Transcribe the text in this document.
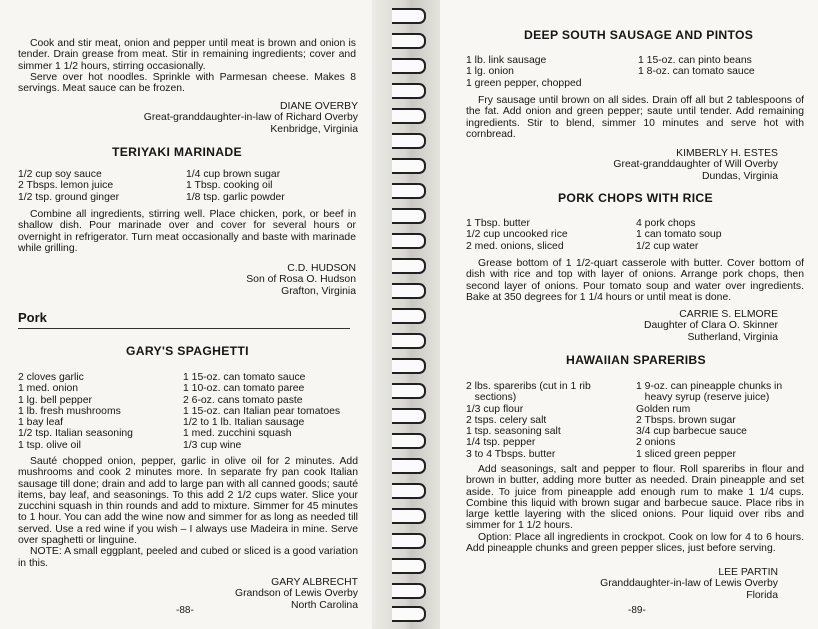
Cook and stir meat, onion and pepper until meat is brown and onion is tender. Drain grease from meat. Stir in remaining ingredients; cover and simmer 1 1/2 hours, stirring occasionally.

Serve over hot noodles. Sprinkle with Parmesan cheese. Makes 8 servings. Meat sauce can be frozen.

DIANE OVERBY
Great-granddaughter-in-law of Richard Overby
Kenbridge, Virginia
TERIYAKI MARINADE
1/2 cup soy sauce
2 Tbsps. lemon juice
1/2 tsp. ground ginger
1/4 cup brown sugar
1 Tbsp. cooking oil
1/8 tsp. garlic powder

Combine all ingredients, stirring well. Place chicken, pork, or beef in shallow dish. Pour marinade over and cover for several hours or overnight in refrigerator. Turn meat occasionally and baste with marinade while grilling.

C.D. HUDSON
Son of Rosa O. Hudson
Grafton, Virginia
Pork
GARY'S SPAGHETTI
2 cloves garlic
1 med. onion
1 lg. bell pepper
1 lb. fresh mushrooms
1 bay leaf
1/2 tsp. Italian seasoning
1 tsp. olive oil
1 15-oz. can tomato sauce
1 10-oz. can tomato paree
2 6-oz. cans tomato paste
1 15-oz. can Italian pear tomatoes
1/2 to 1 lb. Italian sausage
1 med. zucchini squash
1/3 cup wine

Sauté chopped onion, pepper, garlic in olive oil for 2 minutes. Add mushrooms and cook 2 minutes more. In separate fry pan cook Italian sausage till done; drain and add to large pan with all canned goods; sauté items, bay leaf, and seasonings. To this add 2 1/2 cups water. Slice your zucchini squash in thin rounds and add to mixture. Simmer for 45 minutes to 1 hour. You can add the wine now and simmer for as long as needed till served. Use a red wine if you wish – I always use Madeira in mine. Serve over spaghetti or linguine.

NOTE: A small eggplant, peeled and cubed or sliced is a good variation in this.

GARY ALBRECHT
Grandson of Lewis Overby
North Carolina
-88-
DEEP SOUTH SAUSAGE AND PINTOS
1 lb. link sausage
1 lg. onion
1 green pepper, chopped
1 15-oz. can pinto beans
1 8-oz. can tomato sauce

Fry sausage until brown on all sides. Drain off all but 2 tablespoons of the fat. Add onion and green pepper; saute until tender. Add remaining ingredients. Stir to blend, simmer 10 minutes and serve hot with cornbread.

KIMBERLY H. ESTES
Great-granddaughter of Will Overby
Dundas, Virginia
PORK CHOPS WITH RICE
1 Tbsp. butter
1/2 cup uncooked rice
2 med. onions, sliced
4 pork chops
1 can tomato soup
1/2 cup water

Grease bottom of 1 1/2-quart casserole with butter. Cover bottom of dish with rice and top with layer of onions. Arrange pork chops, then second layer of onions. Pour tomato soup and water over ingredients. Bake at 350 degrees for 1 1/4 hours or until meat is done.

CARRIE S. ELMORE
Daughter of Clara O. Skinner
Sutherland, Virginia
HAWAIIAN SPARERIBS
2 lbs. spareribs (cut in 1 rib
sections)
1/3 cup flour
2 tsps. celery salt
1 tsp. seasoning salt
1/4 tsp. pepper
3 to 4 Tbsps. butter
1 9-oz. can pineapple chunks in
heavy syrup (reserve juice)
Golden rum
2 Tbsps. brown sugar
3/4 cup barbecue sauce
2 onions
1 sliced green pepper

Add seasonings, salt and pepper to flour. Roll spareribs in flour and brown in butter, adding more butter as needed. Drain pineapple and set aside. To juice from pineapple add enough rum to make 1 1/4 cups. Combine this liquid with brown sugar and barbecue sauce. Place ribs in large kettle layering with the sliced onions. Pour liquid over ribs and simmer for 1 1/2 hours.

Option: Place all ingredients in crockpot. Cook on low for 4 to 6 hours. Add pineapple chunks and green pepper slices, just before serving.

LEE PARTIN
Granddaughter-in-law of Lewis Overby
Florida
-89-
